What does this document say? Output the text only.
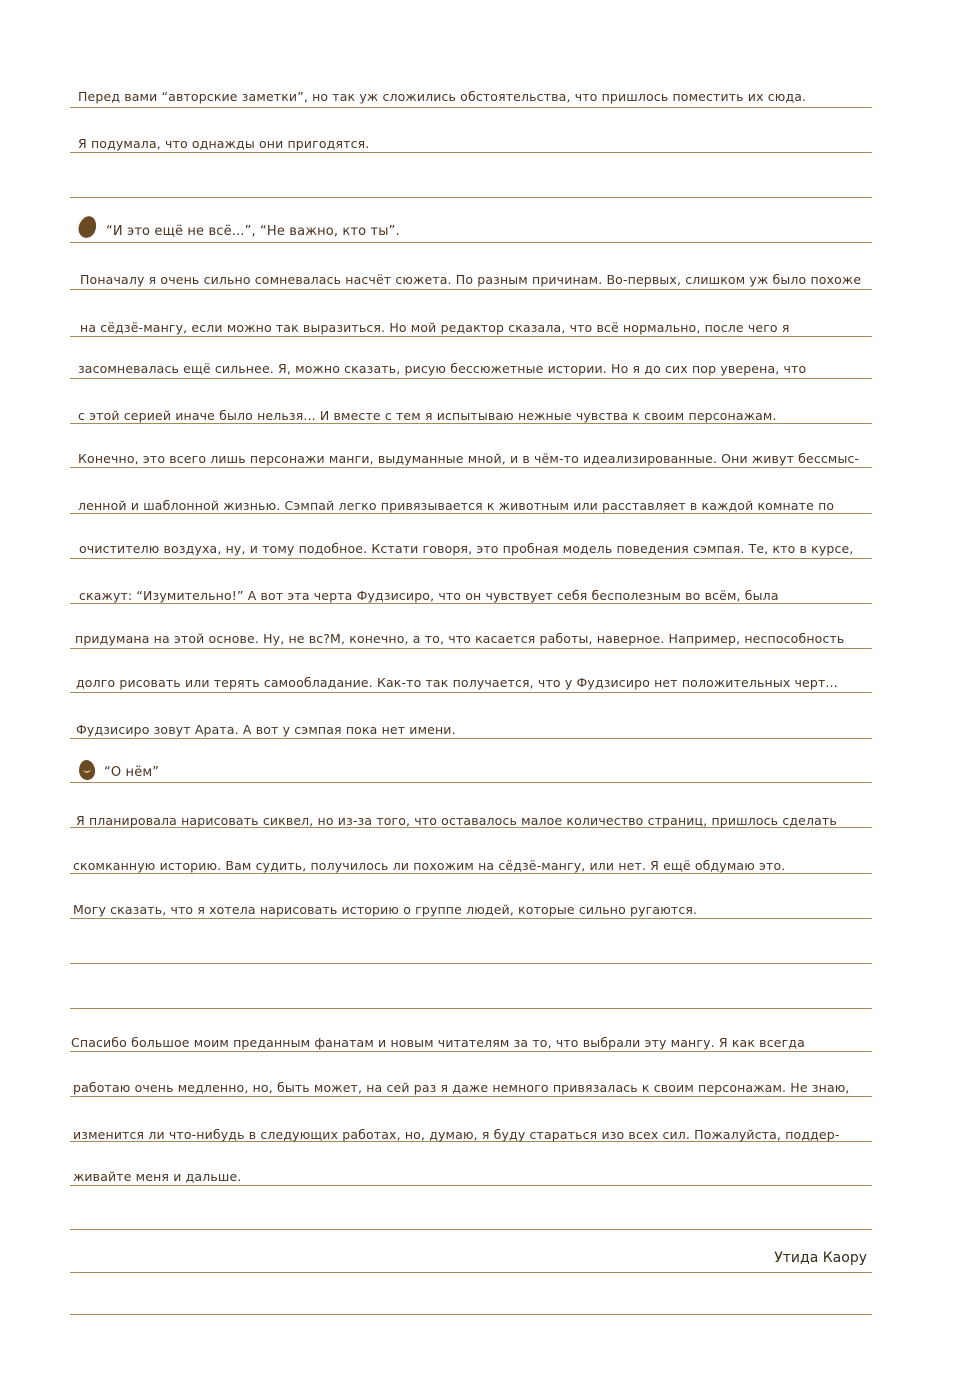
Перед вами “авторские заметки”, но так уж сложились обстоятельства, что пришлось поместить их сюда.
Я подумала, что однажды они пригодятся.
“И это ещё не всё...”, “Не важно, кто ты”.
Поначалу я очень сильно сомневалась насчёт сюжета. По разным причинам. Во-первых, слишком уж было похоже
на сёдзё-мангу, если можно так выразиться. Но мой редактор сказала, что всё нормально, после чего я
засомневалась ещё сильнее. Я, можно сказать, рисую бессюжетные истории. Но я до сих пор уверена, что
с этой серией иначе было нельзя... И вместе с тем я испытываю нежные чувства к своим персонажам.
Конечно, это всего лишь персонажи манги, выдуманные мной, и в чём-то идеализированные. Они живут бессмыс-
ленной и шаблонной жизнью. Сэмпай легко привязывается к животным или расставляет в каждой комнате по
очистителю воздуха, ну, и тому подобное. Кстати говоря, это пробная модель поведения сэмпая. Те, кто в курсе,
скажут: “Изумительно!” А вот эта черта Фудзисиро, что он чувствует себя бесполезным во всём, была
придумана на этой основе. Ну, не вс?М, конечно, а то, что касается работы, наверное. Например, неспособность
долго рисовать или терять самообладание. Как-то так получается, что у Фудзисиро нет положительных черт...
Фудзисиро зовут Арата. А вот у сэмпая пока нет имени.
“О нём”
Я планировала нарисовать сиквел, но из-за того, что оставалось малое количество страниц, пришлось сделать
скомканную историю. Вам судить, получилось ли похожим на сёдзё-мангу, или нет. Я ещё обдумаю это.
Могу сказать, что я хотела нарисовать историю о группе людей, которые сильно ругаются.
Спасибо большое моим преданным фанатам и новым читателям за то, что выбрали эту мангу. Я как всегда
работаю очень медленно, но, быть может, на сей раз я даже немного привязалась к своим персонажам. Не знаю,
изменится ли что-нибудь в следующих работах, но, думаю, я буду стараться изо всех сил. Пожалуйста, поддер-
живайте меня и дальше.
Утида Каору
